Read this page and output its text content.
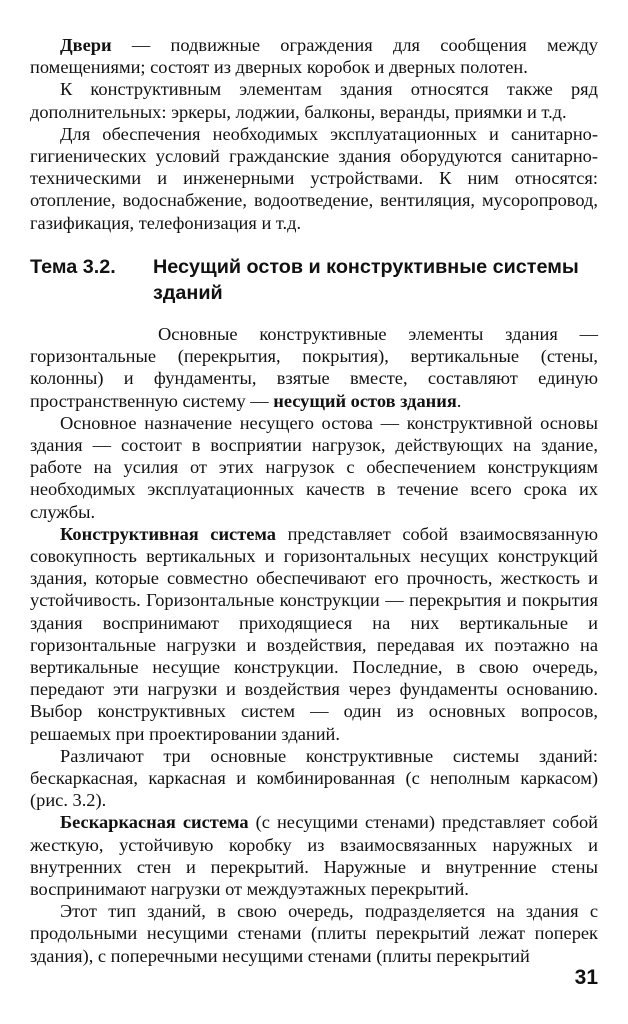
Двери — подвижные ограждения для сообщения между помещениями; состоят из дверных коробок и дверных полотен.

К конструктивным элементам здания относятся также ряд дополнительных: эркеры, лоджии, балконы, веранды, приямки и т.д.

Для обеспечения необходимых эксплуатационных и санитарно-гигиенических условий гражданские здания оборудуются санитарно-техническими и инженерными устройствами. К ним относятся: отопление, водоснабжение, водоотведение, вентиляция, мусоропровод, газификация, телефонизация и т.д.

Тема 3.2. Несущий остов и конструктивные системы зданий

Основные конструктивные элементы здания — горизонтальные (перекрытия, покрытия), вертикальные (стены, колонны) и фундаменты, взятые вместе, составляют единую пространственную систему — несущий остов здания.

Основное назначение несущего остова — конструктивной основы здания — состоит в восприятии нагрузок, действующих на здание, работе на усилия от этих нагрузок с обеспечением конструкциям необходимых эксплуатационных качеств в течение всего срока их службы.

Конструктивная система представляет собой взаимосвязанную совокупность вертикальных и горизонтальных несущих конструкций здания, которые совместно обеспечивают его прочность, жесткость и устойчивость. Горизонтальные конструкции — перекрытия и покрытия здания воспринимают приходящиеся на них вертикальные и горизонтальные нагрузки и воздействия, передавая их поэтажно на вертикальные несущие конструкции. Последние, в свою очередь, передают эти нагрузки и воздействия через фундаменты основанию. Выбор конструктивных систем — один из основных вопросов, решаемых при проектировании зданий.

Различают три основные конструктивные системы зданий: бескаркасная, каркасная и комбинированная (с неполным каркасом) (рис. 3.2).

Бескаркасная система (с несущими стенами) представляет собой жесткую, устойчивую коробку из взаимосвязанных наружных и внутренних стен и перекрытий. Наружные и внутренние стены воспринимают нагрузки от междуэтажных перекрытий.

Этот тип зданий, в свою очередь, подразделяется на здания с продольными несущими стенами (плиты перекрытий лежат поперек здания), с поперечными несущими стенами (плиты перекрытий

31
